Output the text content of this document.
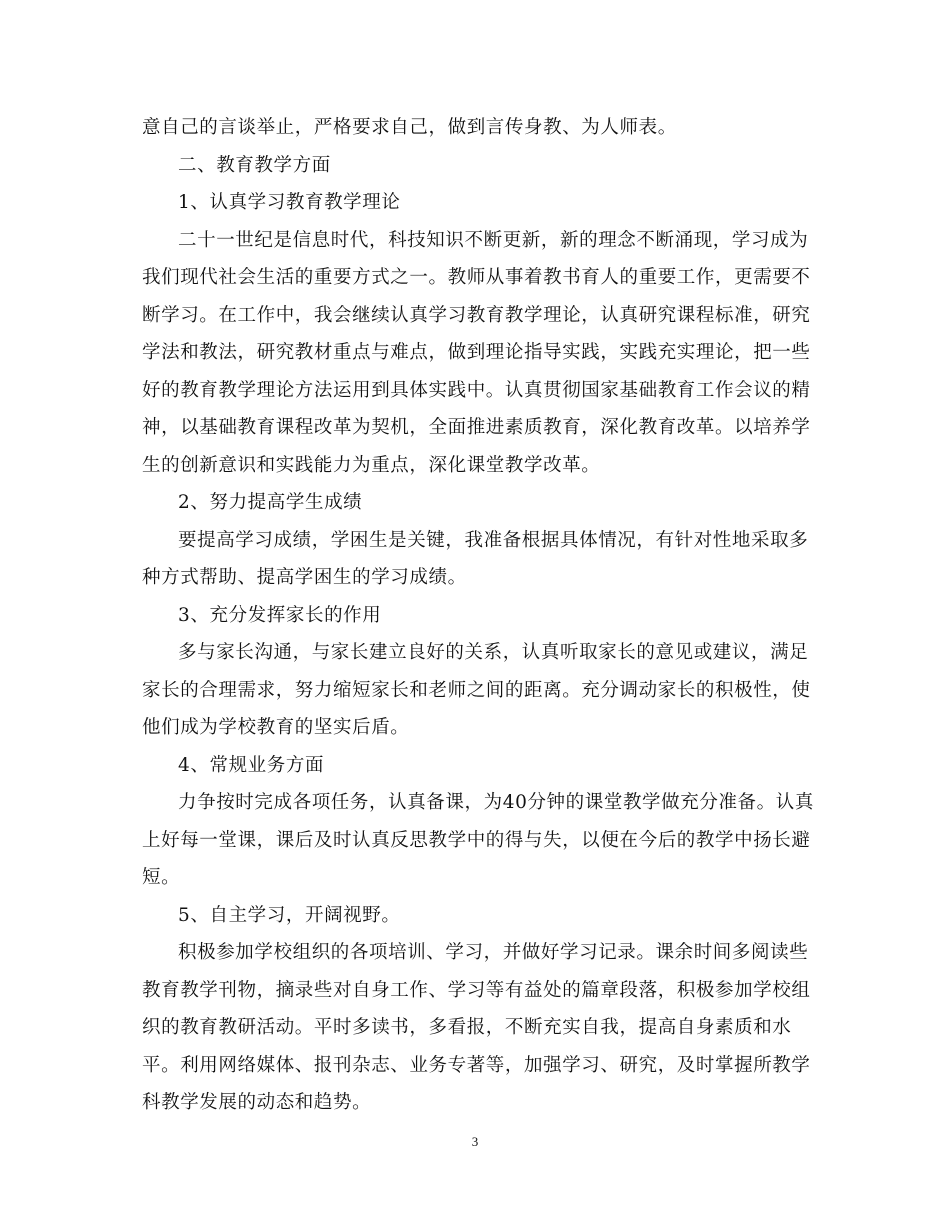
意自己的言谈举止，严格要求自己，做到言传身教、为人师表。
二、教育教学方面
1、认真学习教育教学理论
二十一世纪是信息时代，科技知识不断更新，新的理念不断涌现，学习成为
我们现代社会生活的重要方式之一。教师从事着教书育人的重要工作，更需要不
断学习。在工作中，我会继续认真学习教育教学理论，认真研究课程标准，研究
学法和教法，研究教材重点与难点，做到理论指导实践，实践充实理论，把一些
好的教育教学理论方法运用到具体实践中。认真贯彻国家基础教育工作会议的精
神，以基础教育课程改革为契机，全面推进素质教育，深化教育改革。以培养学
生的创新意识和实践能力为重点，深化课堂教学改革。
2、努力提高学生成绩
要提高学习成绩，学困生是关键，我准备根据具体情况，有针对性地采取多
种方式帮助、提高学困生的学习成绩。
3、充分发挥家长的作用
多与家长沟通，与家长建立良好的关系，认真听取家长的意见或建议，满足
家长的合理需求，努力缩短家长和老师之间的距离。充分调动家长的积极性，使
他们成为学校教育的坚实后盾。
4、常规业务方面
力争按时完成各项任务，认真备课，为40分钟的课堂教学做充分准备。认真
上好每一堂课，课后及时认真反思教学中的得与失，以便在今后的教学中扬长避
短。
5、自主学习，开阔视野。
积极参加学校组织的各项培训、学习，并做好学习记录。课余时间多阅读些
教育教学刊物，摘录些对自身工作、学习等有益处的篇章段落，积极参加学校组
织的教育教研活动。平时多读书，多看报，不断充实自我，提高自身素质和水
平。利用网络媒体、报刊杂志、业务专著等，加强学习、研究，及时掌握所教学
科教学发展的动态和趋势。
3
